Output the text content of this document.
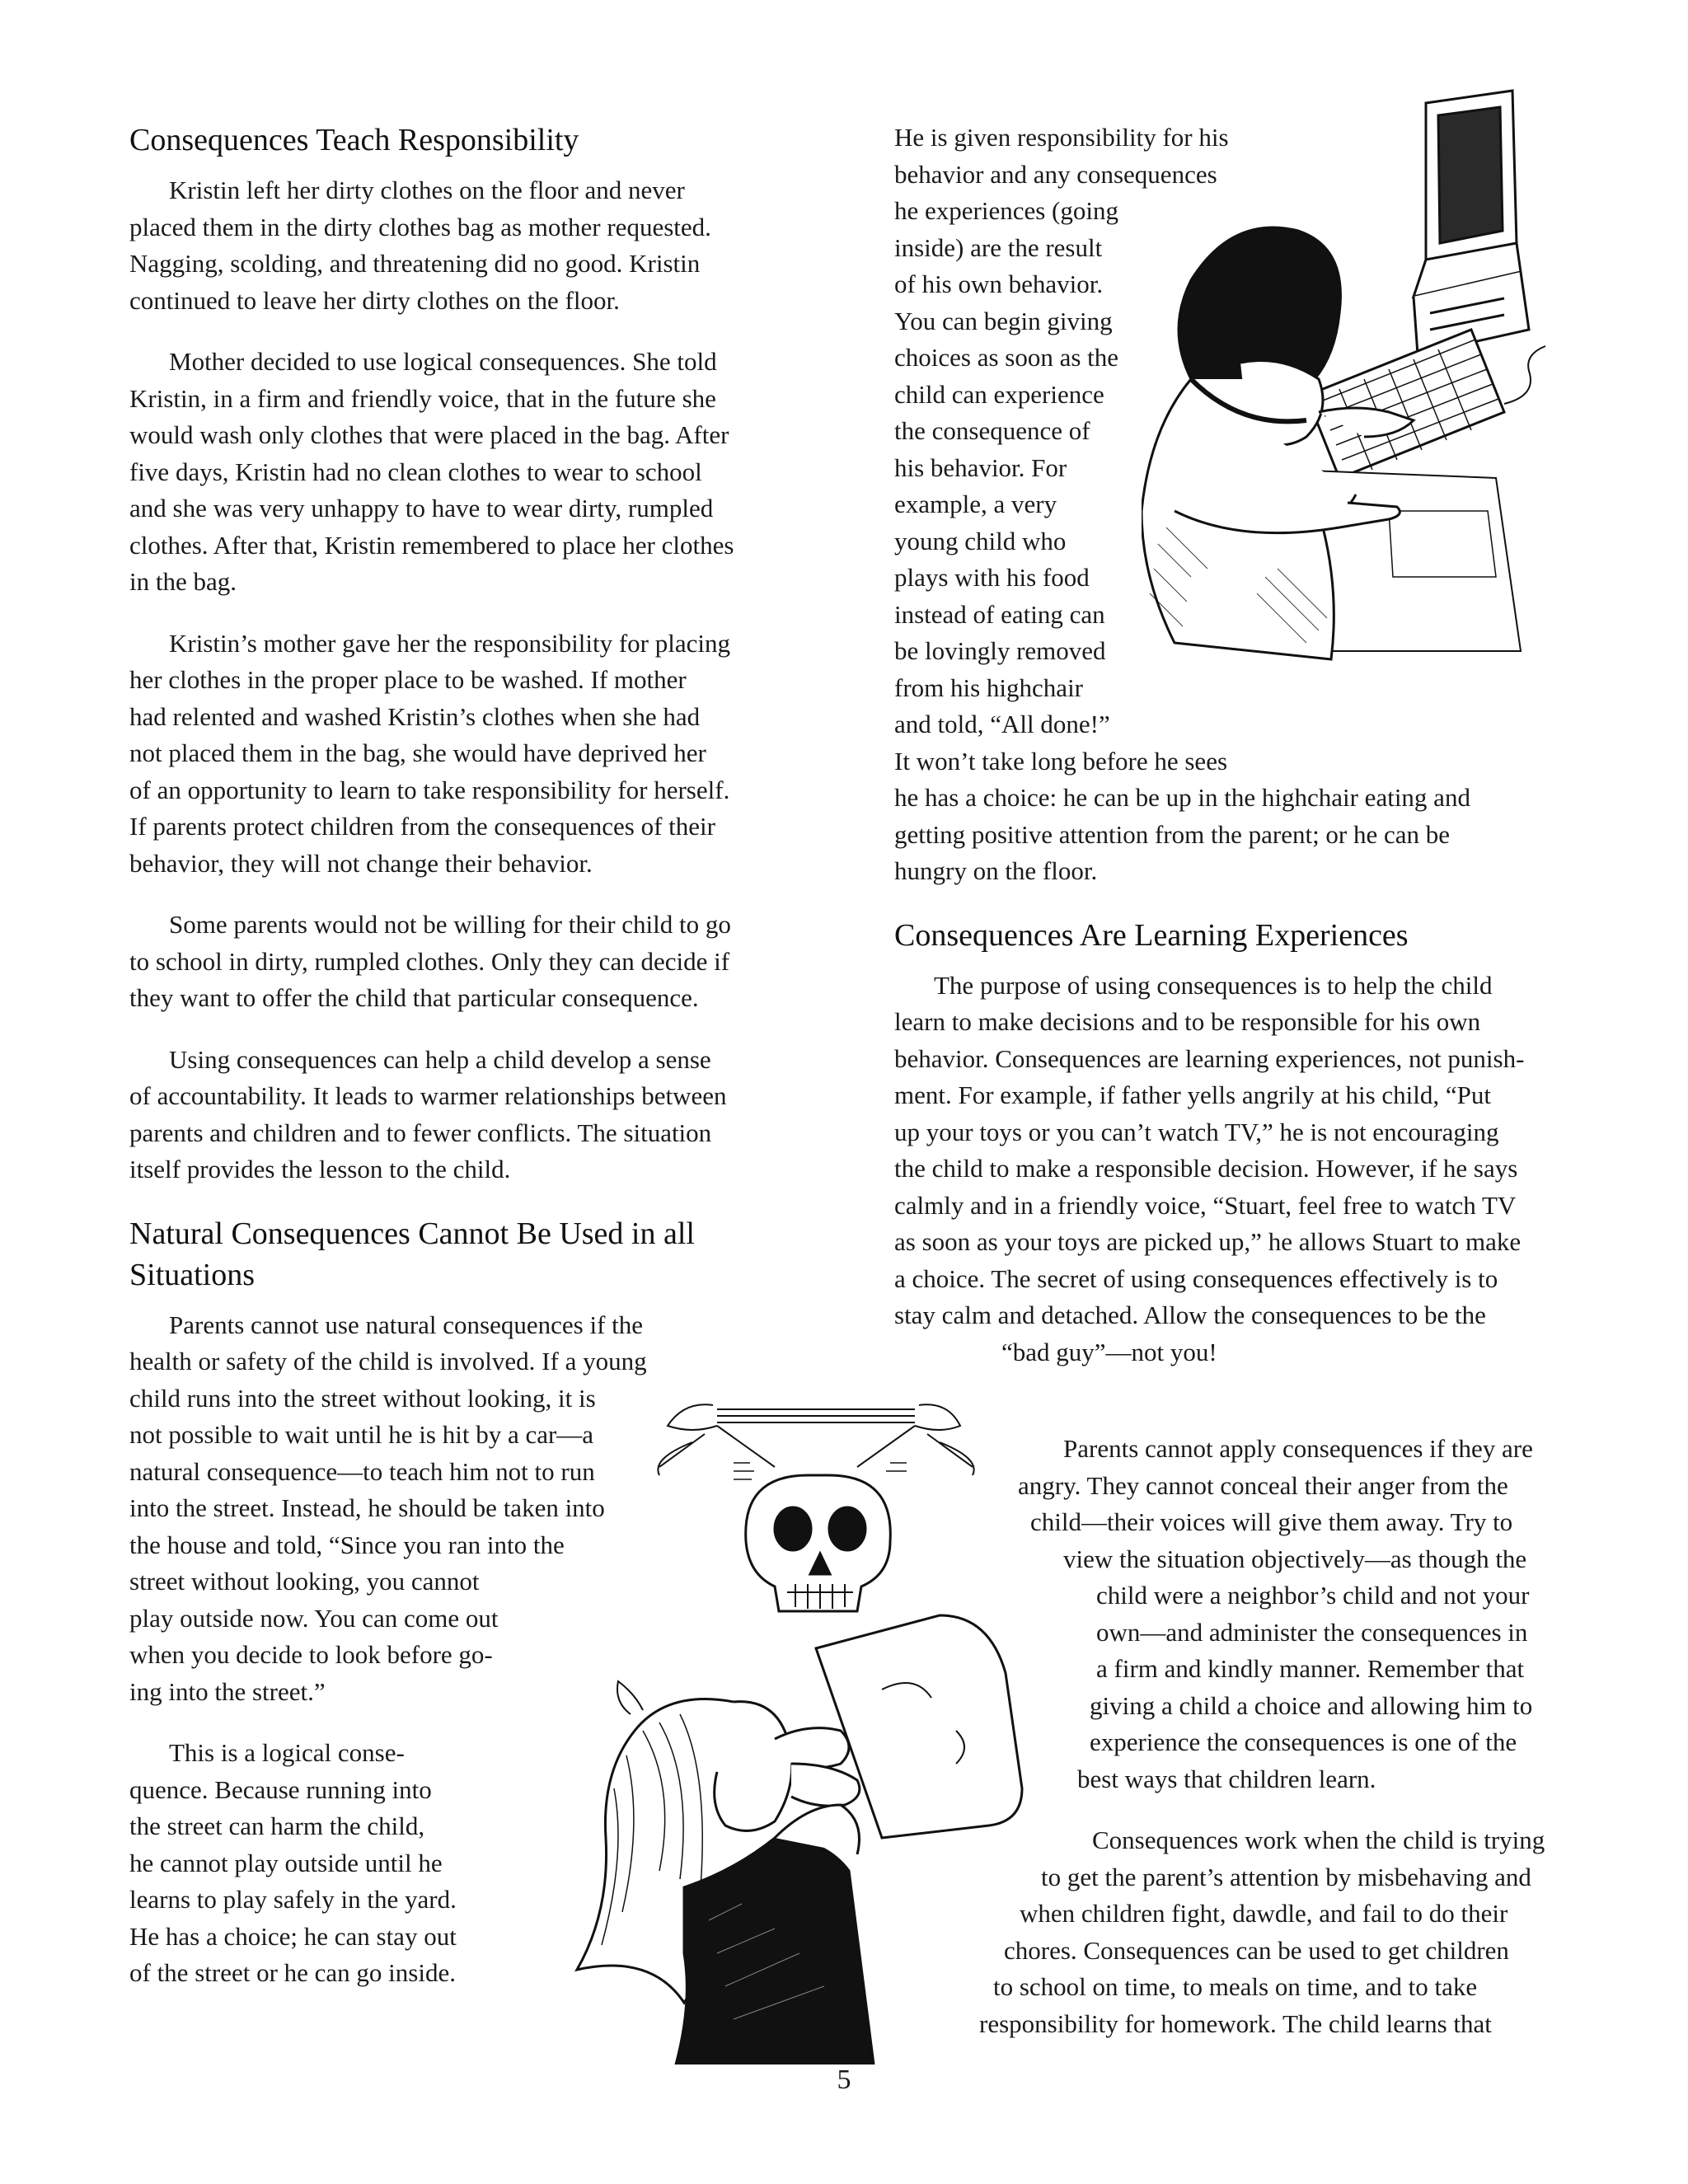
Consequences Teach Responsibility

Kristin left her dirty clothes on the floor and never
placed them in the dirty clothes bag as mother requested.
Nagging, scolding, and threatening did no good. Kristin
continued to leave her dirty clothes on the floor.

Mother decided to use logical consequences. She told
Kristin, in a firm and friendly voice, that in the future she
would wash only clothes that were placed in the bag. After
five days, Kristin had no clean clothes to wear to school
and she was very unhappy to have to wear dirty, rumpled
clothes. After that, Kristin remembered to place her clothes
in the bag.

Kristin’s mother gave her the responsibility for placing
her clothes in the proper place to be washed. If mother
had relented and washed Kristin’s clothes when she had
not placed them in the bag, she would have deprived her
of an opportunity to learn to take responsibility for herself.
If parents protect children from the consequences of their
behavior, they will not change their behavior.

Some parents would not be willing for their child to go
to school in dirty, rumpled clothes. Only they can decide if
they want to offer the child that particular consequence.

Using consequences can help a child develop a sense
of accountability. It leads to warmer relationships between
parents and children and to fewer conflicts. The situation
itself provides the lesson to the child.

Natural Consequences Cannot Be Used in all
Situations

Parents cannot use natural consequences if the
health or safety of the child is involved. If a young
child runs into the street without looking, it is
not possible to wait until he is hit by a car—a
natural consequence—to teach him not to run
into the street. Instead, he should be taken into
the house and told, “Since you ran into the
street without looking, you cannot
play outside now. You can come out
when you decide to look before go-
ing into the street.”

This is a logical conse-
quence. Because running into
the street can harm the child,
he cannot play outside until he
learns to play safely in the yard.
He has a choice; he can stay out
of the street or he can go inside.

He is given responsibility for his
behavior and any consequences
he experiences (going
inside) are the result
of his own behavior.
You can begin giving
choices as soon as the
child can experience
the consequence of
his behavior. For
example, a very
young child who
plays with his food
instead of eating can
be lovingly removed
from his highchair
and told, “All done!”
It won’t take long before he sees
he has a choice: he can be up in the highchair eating and
getting positive attention from the parent; or he can be
hungry on the floor.

Consequences Are Learning Experiences

The purpose of using consequences is to help the child
learn to make decisions and to be responsible for his own
behavior. Consequences are learning experiences, not punish-
ment. For example, if father yells angrily at his child, “Put
up your toys or you can’t watch TV,” he is not encouraging
the child to make a responsible decision. However, if he says
calmly and in a friendly voice, “Stuart, feel free to watch TV
as soon as your toys are picked up,” he allows Stuart to make
a choice. The secret of using consequences effectively is to
stay calm and detached. Allow the consequences to be the
“bad guy”—not you!

Parents cannot apply consequences if they are
angry. They cannot conceal their anger from the
child—their voices will give them away. Try to
view the situation objectively—as though the
child were a neighbor’s child and not your
own—and administer the consequences in
a firm and kindly manner. Remember that
giving a child a choice and allowing him to
experience the consequences is one of the
best ways that children learn.

Consequences work when the child is trying
to get the parent’s attention by misbehaving and
when children fight, dawdle, and fail to do their
chores. Consequences can be used to get children
to school on time, to meals on time, and to take
responsibility for homework. The child learns that

5
